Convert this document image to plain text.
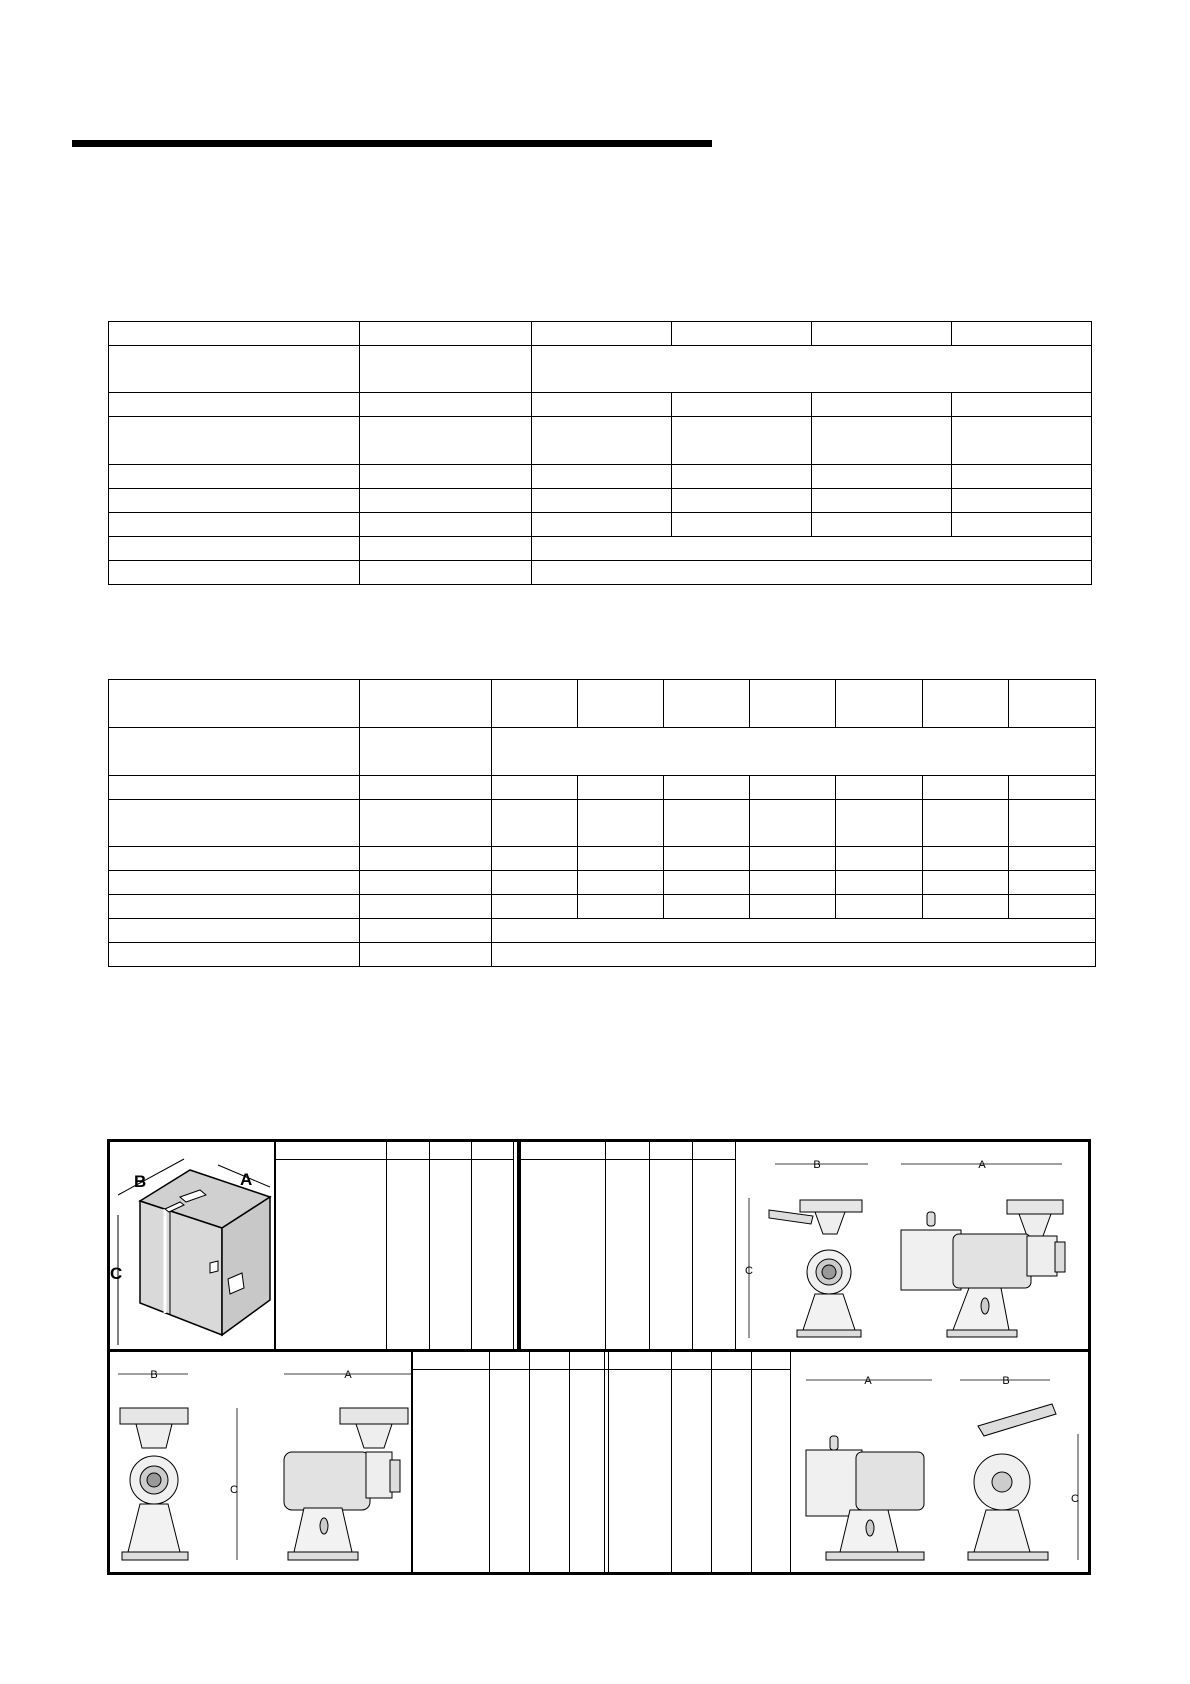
B	A
C
B
C
A
B
C
A	A	B
C
